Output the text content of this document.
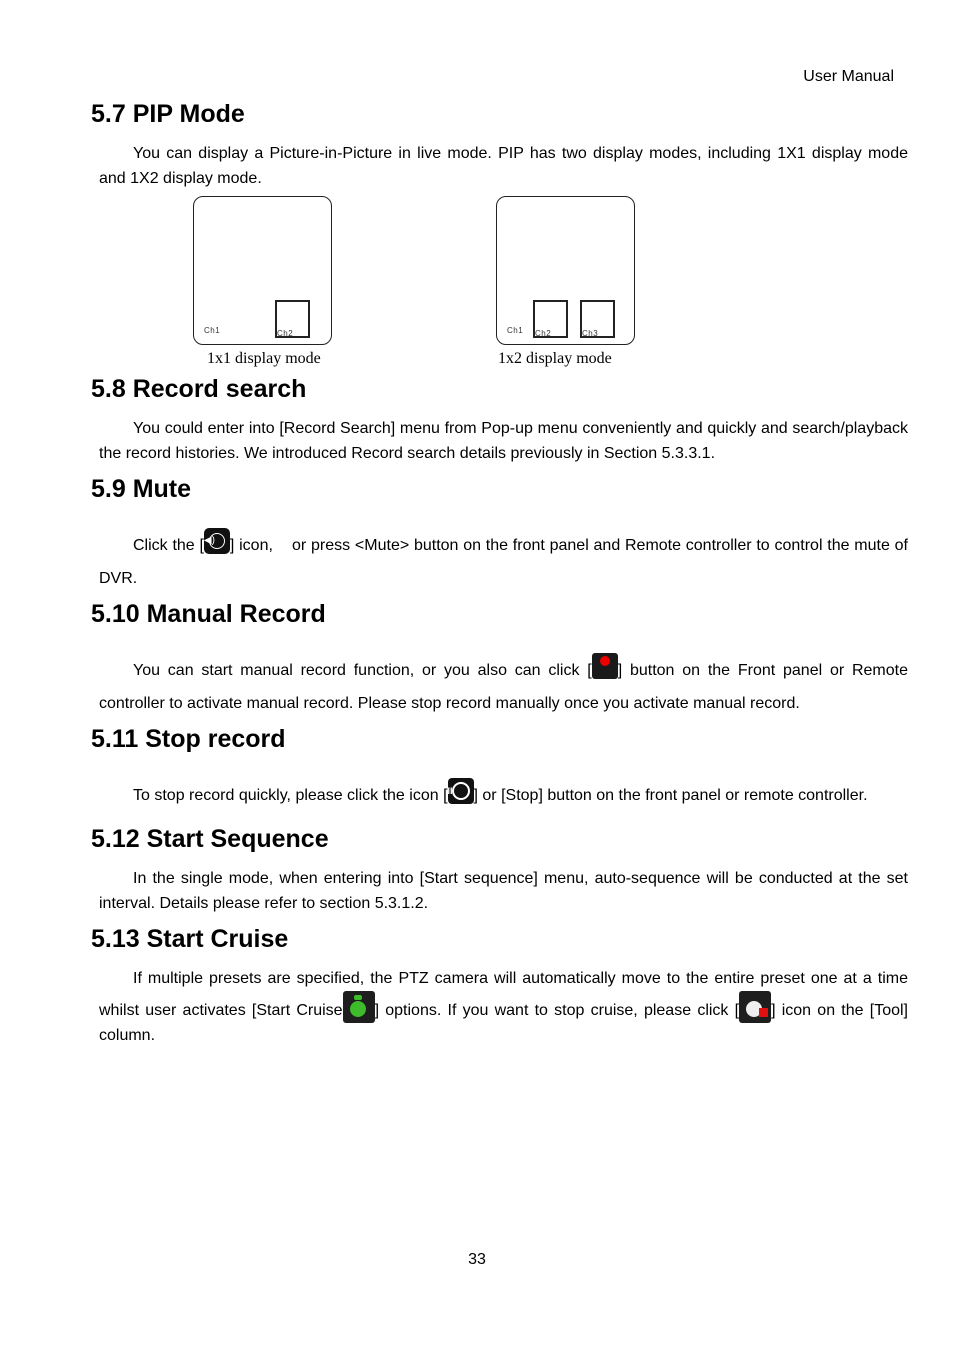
User Manual
5.7 PIP Mode

You can display a Picture-in-Picture in live mode. PIP has two display modes, including 1X1 display mode and 1X2 display mode.

Ch1	Ch2
1x1 display mode
Ch1 Ch2	Ch3
1x2 display mode
5.8 Record search

You could enter into [Record Search] menu from Pop-up menu conveniently and quickly and search/playback the record histories. We introduced Record search details previously in Section 5.3.3.1.

5.9 Mute

Click the [ ◀) ] icon,    or press <Mute> button on the front panel and Remote controller to control the mute of DVR.

5.10 Manual Record

You can start manual record function, or you also can click [
REC
] button on the Front panel or Remote controller to activate manual record. Please stop record manually once you activate manual record.

5.11 Stop record

To stop record quickly, please click the icon [ II	] or [Stop] button on the front panel or remote controller.

5.12 Start Sequence

In the single mode, when entering into [Start sequence] menu, auto-sequence will be conducted at the set interval. Details please refer to section 5.3.1.2.

5.13 Start Cruise

If multiple presets are specified, the PTZ camera will automatically move to the entire preset one at a time whilst user activates [Start Cruise ] options. If you want to stop cruise, please click [ ] icon on the [Tool] column.

33
